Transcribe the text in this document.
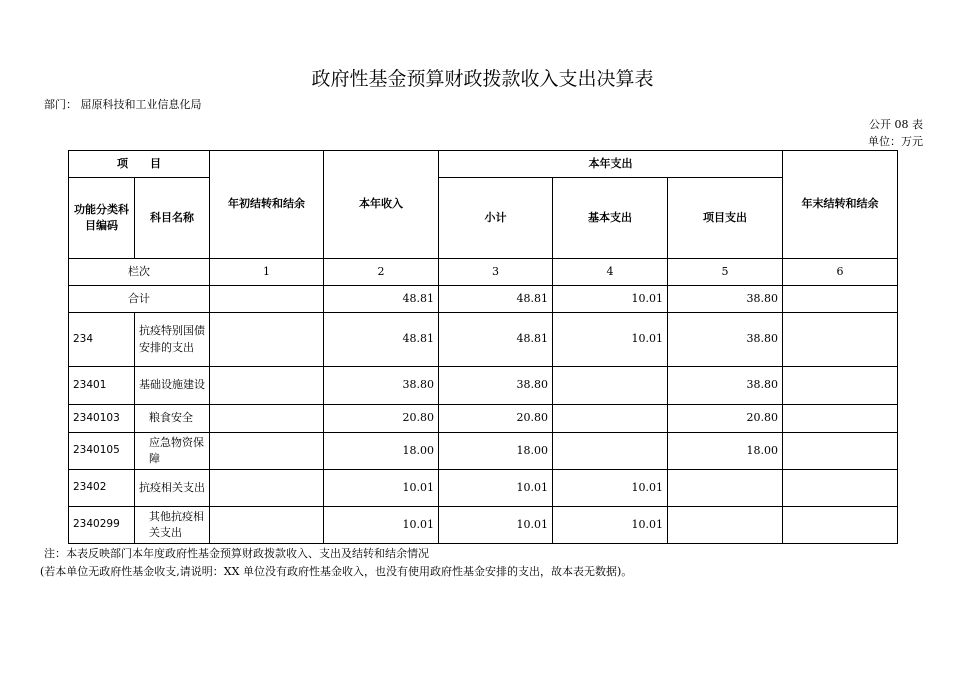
政府性基金预算财政拨款收入支出决算表
部门： 屈原科技和工业信息化局
公开 08 表
单位：万元
项　　目		年初结转和结余	本年收入	本年支出			年末结转和结余
功能分类科目编码	科目名称			小计	基本支出	项目支出	
栏次		1	2	3	4	5	6
合计			48.81	48.81	10.01	38.80	
234	抗疫特别国债安排的支出		48.81	48.81	10.01	38.80	
23401	基础设施建设		38.80	38.80		38.80	
2340103	粮食安全		20.80	20.80		20.80	
2340105	应急物资保障		18.00	18.00		18.00	
23402	抗疫相关支出		10.01	10.01	10.01		
2340299	其他抗疫相关支出		10.01	10.01	10.01		
注：本表反映部门本年度政府性基金预算财政拨款收入、支出及结转和结余情况
(若本单位无政府性基金收支,请说明：XX 单位没有政府性基金收入，也没有使用政府性基金安排的支出，故本表无数据)。
